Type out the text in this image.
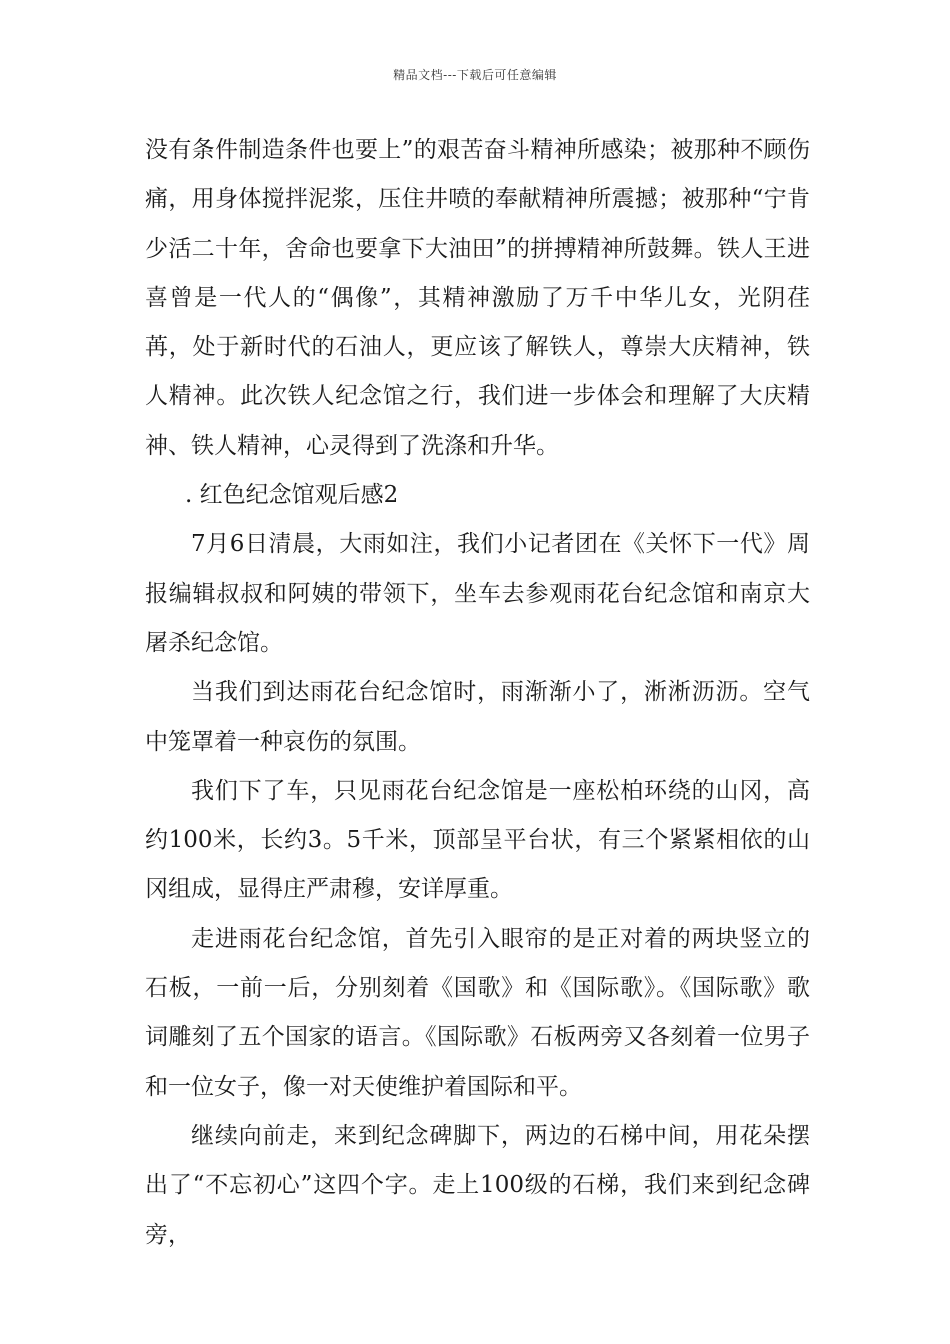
精品文档---下载后可任意编辑

没有条件制造条件也要上”的艰苦奋斗精神所感染；被那种不顾伤痛，用身体搅拌泥浆，压住井喷的奉献精神所震撼；被那种“宁肯少活二十年，舍命也要拿下大油田”的拼搏精神所鼓舞。铁人王进喜曾是一代人的“偶像”，其精神激励了万千中华儿女，光阴荏苒，处于新时代的石油人，更应该了解铁人，尊崇大庆精神，铁人精神。此次铁人纪念馆之行，我们进一步体会和理解了大庆精神、铁人精神，心灵得到了洗涤和升华。

. 红色纪念馆观后感2

7月6日清晨，大雨如注，我们小记者团在《关怀下一代》周报编辑叔叔和阿姨的带领下，坐车去参观雨花台纪念馆和南京大屠杀纪念馆。

当我们到达雨花台纪念馆时，雨渐渐小了，淅淅沥沥。空气中笼罩着一种哀伤的氛围。

我们下了车，只见雨花台纪念馆是一座松柏环绕的山冈，高约100米，长约3。5千米，顶部呈平台状，有三个紧紧相依的山冈组成，显得庄严肃穆，安详厚重。

走进雨花台纪念馆，首先引入眼帘的是正对着的两块竖立的石板，一前一后，分别刻着《国歌》和《国际歌》。《国际歌》歌词雕刻了五个国家的语言。《国际歌》石板两旁又各刻着一位男子和一位女子，像一对天使维护着国际和平。

继续向前走，来到纪念碑脚下，两边的石梯中间，用花朵摆出了“不忘初心”这四个字。走上100级的石梯，我们来到纪念碑旁，
